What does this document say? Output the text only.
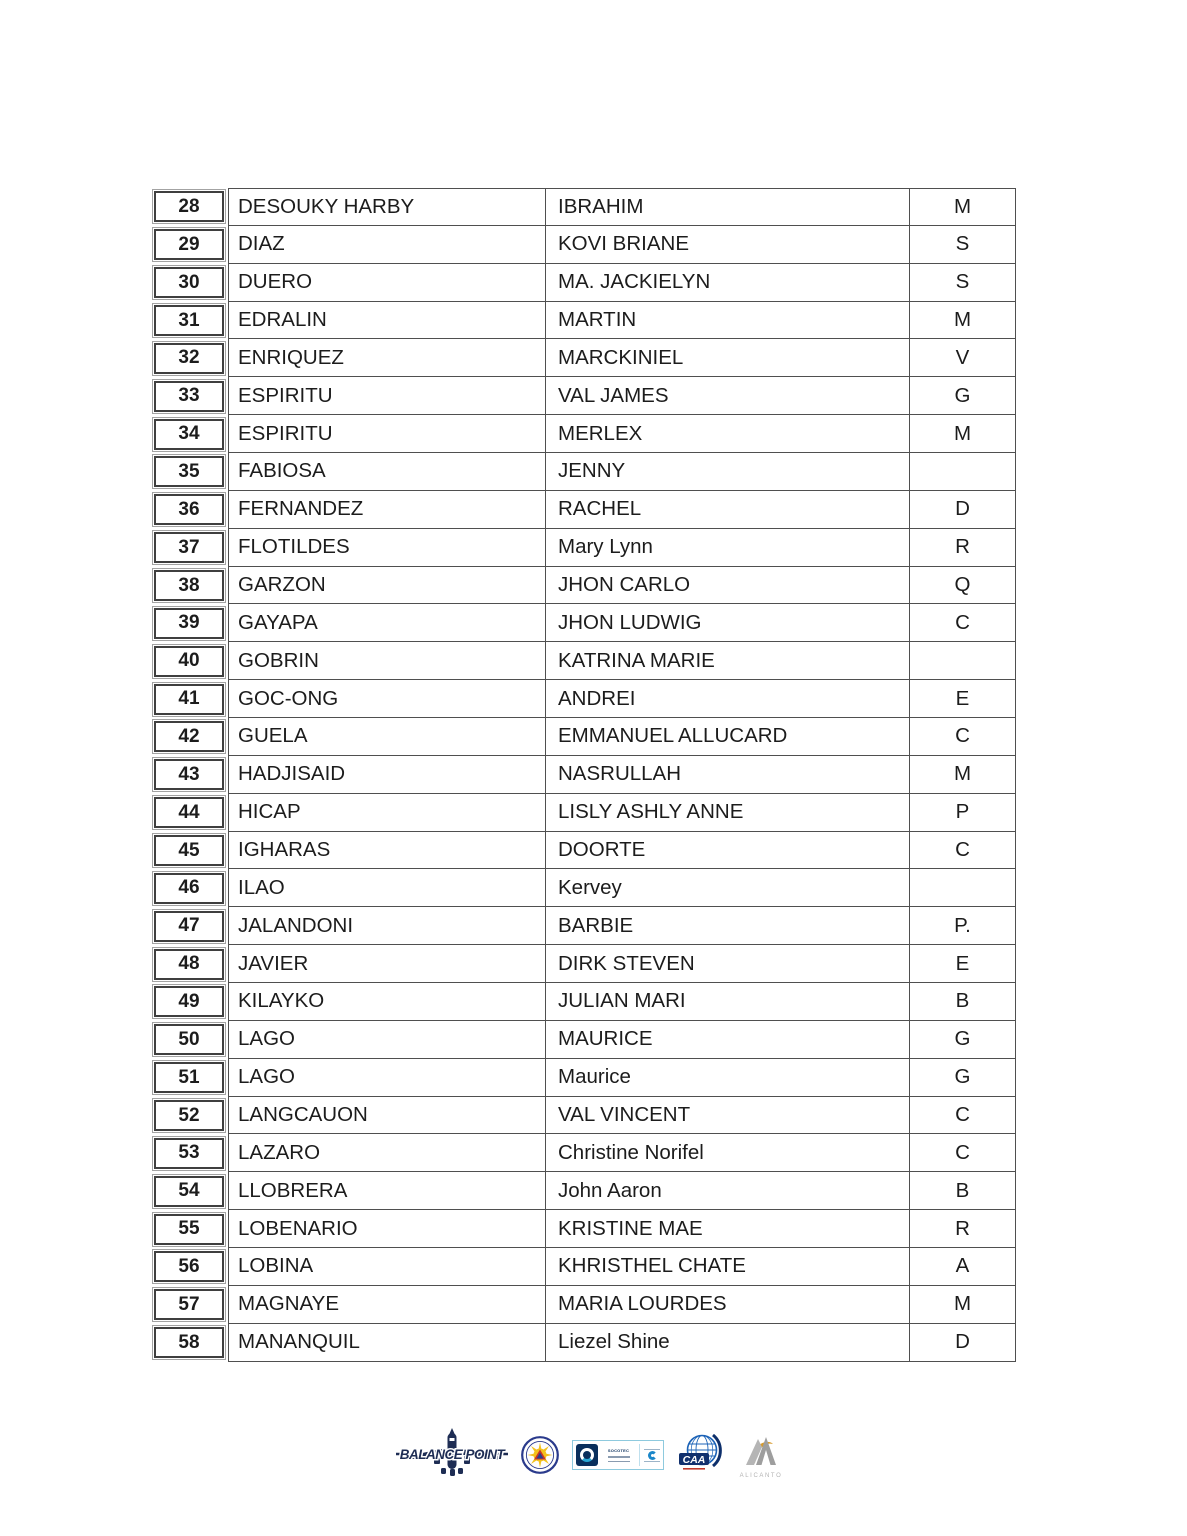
28	DESOUKY HARBY	IBRAHIM	M
29	DIAZ	KOVI BRIANE	S
30	DUERO	MA. JACKIELYN	S
31	EDRALIN	MARTIN	M
32	ENRIQUEZ	MARCKINIEL	V
33	ESPIRITU	VAL JAMES	G
34	ESPIRITU	MERLEX	M
35	FABIOSA	JENNY
36	FERNANDEZ	RACHEL	D
37	FLOTILDES	Mary Lynn	R
38	GARZON	JHON CARLO	Q
39	GAYAPA	JHON LUDWIG	C
40	GOBRIN	KATRINA MARIE
41	GOC-ONG	ANDREI	E
42	GUELA	EMMANUEL ALLUCARD	C
43	HADJISAID	NASRULLAH	M
44	HICAP	LISLY ASHLY ANNE	P
45	IGHARAS	DOORTE	C
46	ILAO	Kervey
47	JALANDONI	BARBIE	P.
48	JAVIER	DIRK STEVEN	E
49	KILAYKO	JULIAN MARI	B
50	LAGO	MAURICE	G
51	LAGO	Maurice	G
52	LANGCAUON	VAL VINCENT	C
53	LAZARO	Christine Norifel	C
54	LLOBRERA	John Aaron	B
55	LOBENARIO	KRISTINE MAE	R
56	LOBINA	KHRISTHEL CHATE	A
57	MAGNAYE	MARIA LOURDES	M
58	MANANQUIL	Liezel Shine	D
BALANCE POINT	SOCOTEC
CAA
ALICANTO
